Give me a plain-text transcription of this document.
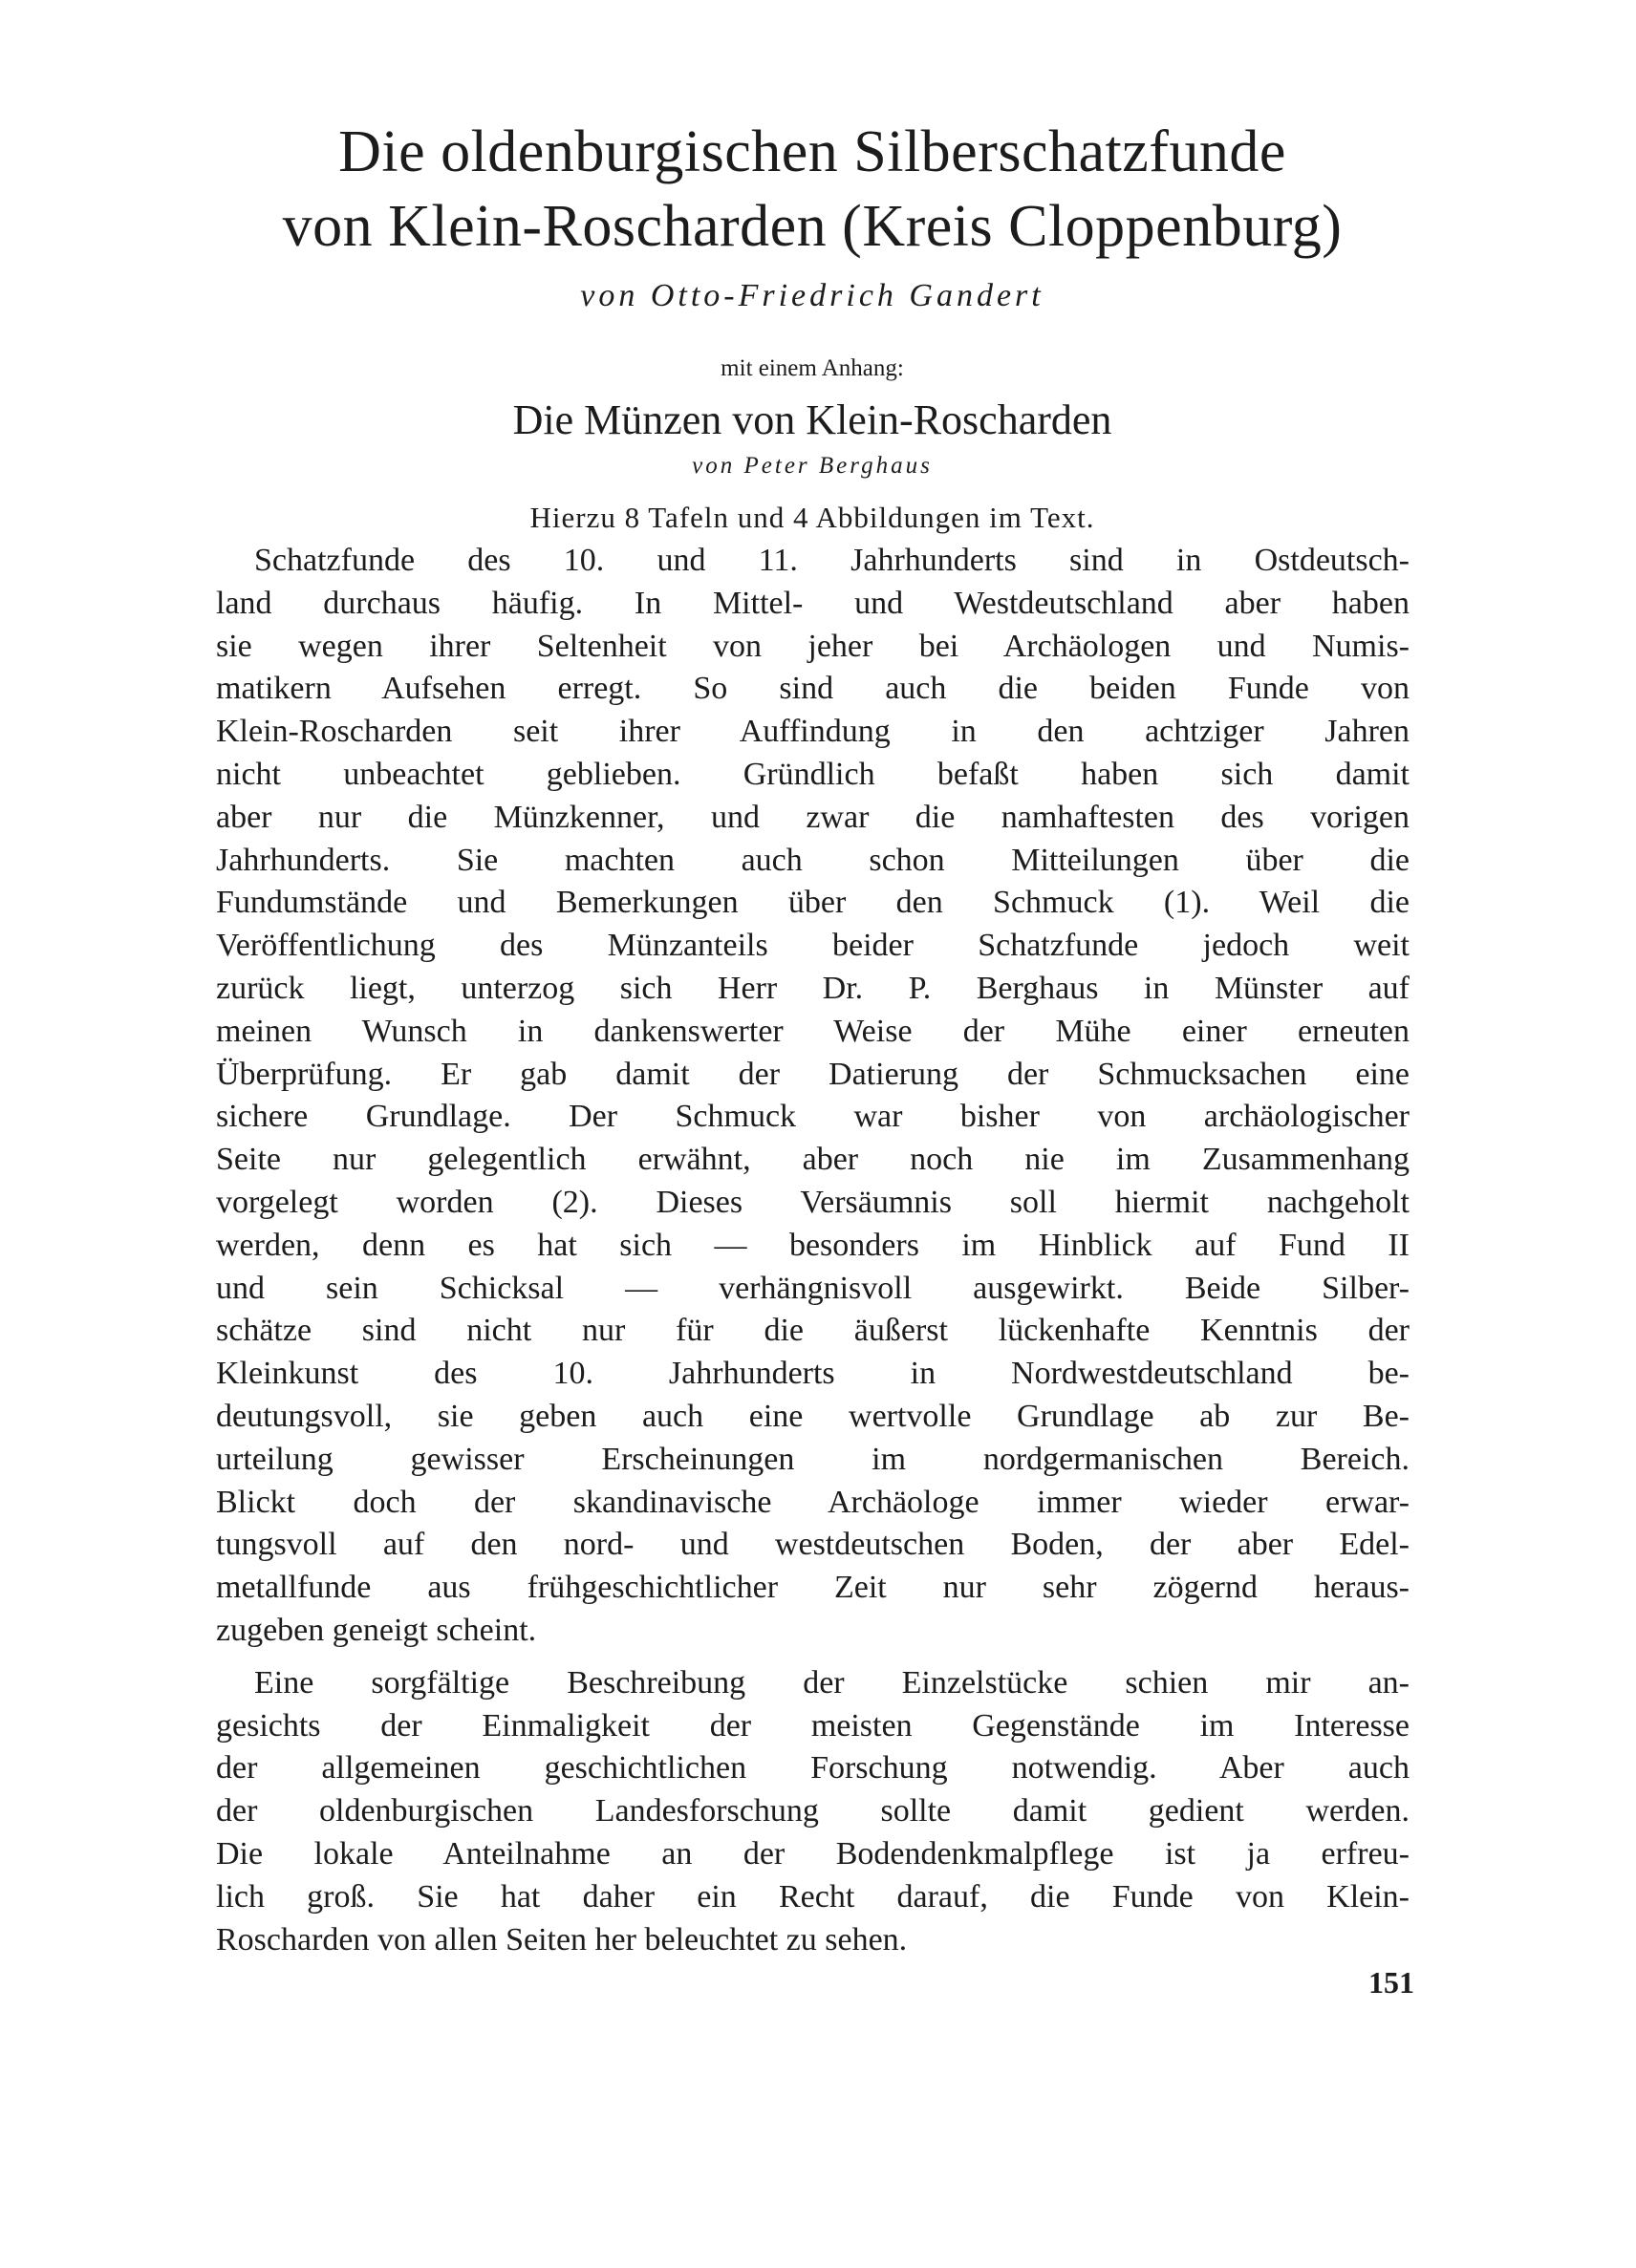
Die oldenburgischen Silberschatzfunde
von Klein-Roscharden (Kreis Cloppenburg)
von Otto-Friedrich Gandert
mit einem Anhang:
Die Münzen von Klein-Roscharden
von Peter Berghaus
Hierzu 8 Tafeln und 4 Abbildungen im Text.
Schatzfunde des 10. und 11. Jahrhunderts sind in Ostdeutsch-
land durchaus häufig. In Mittel- und Westdeutschland aber haben
sie wegen ihrer Seltenheit von jeher bei Archäologen und Numis-
matikern Aufsehen erregt. So sind auch die beiden Funde von
Klein-Roscharden seit ihrer Auffindung in den achtziger Jahren
nicht unbeachtet geblieben. Gründlich befaßt haben sich damit
aber nur die Münzkenner, und zwar die namhaftesten des vorigen
Jahrhunderts. Sie machten auch schon Mitteilungen über die
Fundumstände und Bemerkungen über den Schmuck (1). Weil die
Veröffentlichung des Münzanteils beider Schatzfunde jedoch weit
zurück liegt, unterzog sich Herr Dr. P. Berghaus in Münster auf
meinen Wunsch in dankenswerter Weise der Mühe einer erneuten
Überprüfung. Er gab damit der Datierung der Schmucksachen eine
sichere Grundlage. Der Schmuck war bisher von archäologischer
Seite nur gelegentlich erwähnt, aber noch nie im Zusammenhang
vorgelegt worden (2). Dieses Versäumnis soll hiermit nachgeholt
werden, denn es hat sich — besonders im Hinblick auf Fund II
und sein Schicksal — verhängnisvoll ausgewirkt. Beide Silber-
schätze sind nicht nur für die äußerst lückenhafte Kenntnis der
Kleinkunst des 10. Jahrhunderts in Nordwestdeutschland be-
deutungsvoll, sie geben auch eine wertvolle Grundlage ab zur Be-
urteilung gewisser Erscheinungen im nordgermanischen Bereich.
Blickt doch der skandinavische Archäologe immer wieder erwar-
tungsvoll auf den nord- und westdeutschen Boden, der aber Edel-
metallfunde aus frühgeschichtlicher Zeit nur sehr zögernd heraus-
zugeben geneigt scheint.
Eine sorgfältige Beschreibung der Einzelstücke schien mir an-
gesichts der Einmaligkeit der meisten Gegenstände im Interesse
der allgemeinen geschichtlichen Forschung notwendig. Aber auch
der oldenburgischen Landesforschung sollte damit gedient werden.
Die lokale Anteilnahme an der Bodendenkmalpflege ist ja erfreu-
lich groß. Sie hat daher ein Recht darauf, die Funde von Klein-
Roscharden von allen Seiten her beleuchtet zu sehen.
151
